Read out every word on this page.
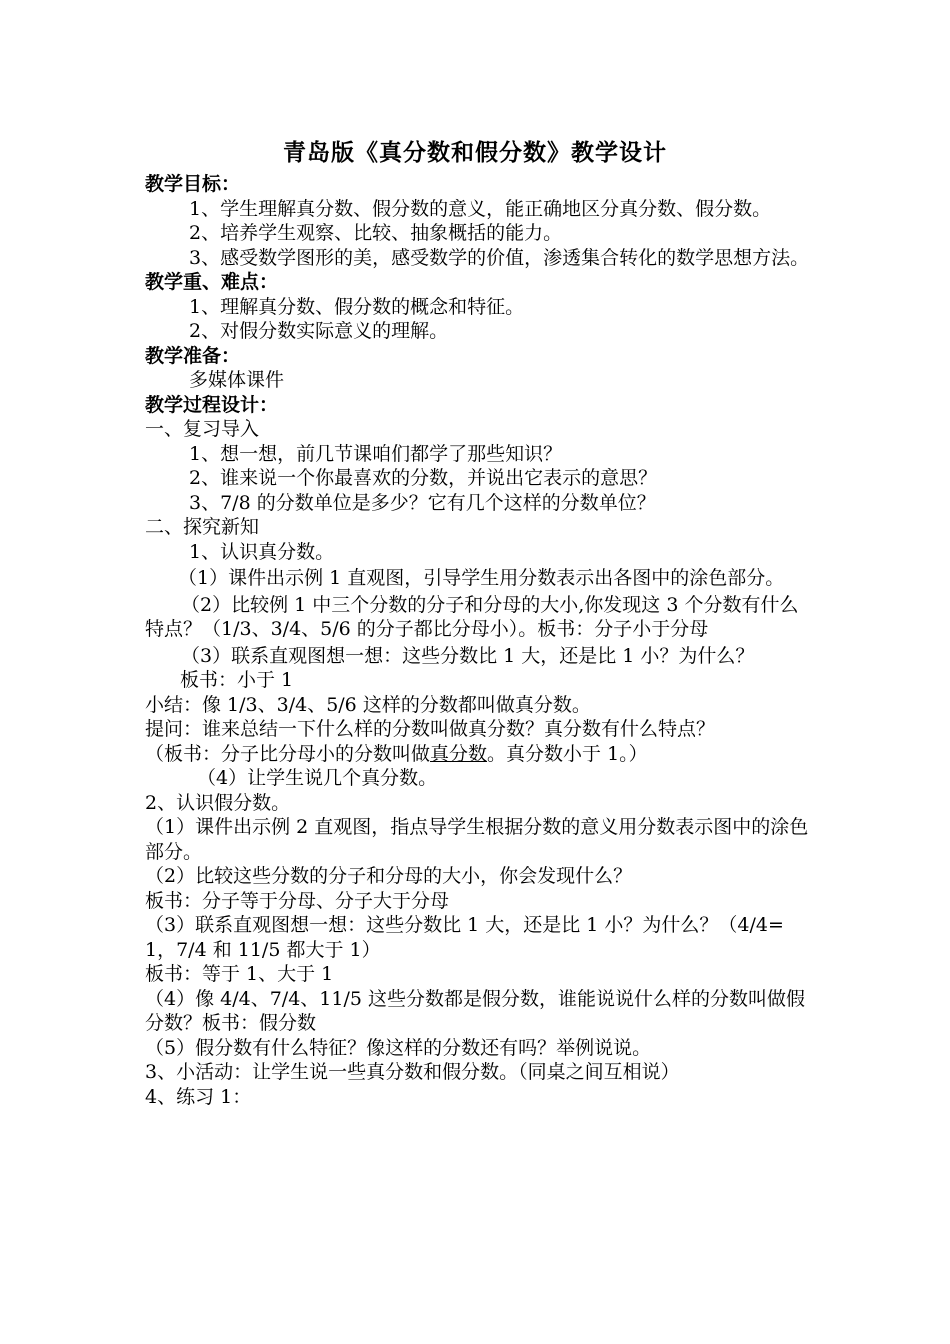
青岛版《真分数和假分数》教学设计

教学目标：

1、学生理解真分数、假分数的意义，能正确地区分真分数、假分数。

2、培养学生观察、比较、抽象概括的能力。

3、感受数学图形的美，感受数学的价值，渗透集合转化的数学思想方法。

教学重、难点：

1、理解真分数、假分数的概念和特征。

2、对假分数实际意义的理解。

教学准备：

多媒体课件

教学过程设计：

一、复习导入

1、想一想，前几节课咱们都学了那些知识？

2、谁来说一个你最喜欢的分数，并说出它表示的意思？

3、7/8 的分数单位是多少？它有几个这样的分数单位？

二、探究新知

1、认识真分数。

（1）课件出示例 1 直观图，引导学生用分数表示出各图中的涂色部分。

（2）比较例 1 中三个分数的分子和分母的大小,你发现这 3 个分数有什么特点？（1/3、3/4、5/6 的分子都比分母小）。板书：分子小于分母

（3）联系直观图想一想：这些分数比 1 大，还是比 1 小？为什么？

板书：小于 1

小结：像 1/3、3/4、5/6 这样的分数都叫做真分数。

提问：谁来总结一下什么样的分数叫做真分数？真分数有什么特点？

（板书：分子比分母小的分数叫做真分数。真分数小于 1。）

（4）让学生说几个真分数。

2、认识假分数。

（1）课件出示例 2 直观图，指点导学生根据分数的意义用分数表示图中的涂色部分。

（2）比较这些分数的分子和分母的大小，你会发现什么？

板书：分子等于分母、分子大于分母

（3）联系直观图想一想：这些分数比 1 大，还是比 1 小？为什么？（4/4=1，7/4 和 11/5 都大于 1）

板书：等于 1、大于 1

（4）像 4/4、7/4、11/5 这些分数都是假分数，谁能说说什么样的分数叫做假分数？板书：假分数

（5）假分数有什么特征？像这样的分数还有吗？举例说说。

3、小活动：让学生说一些真分数和假分数。（同桌之间互相说）

4、练习 1：
